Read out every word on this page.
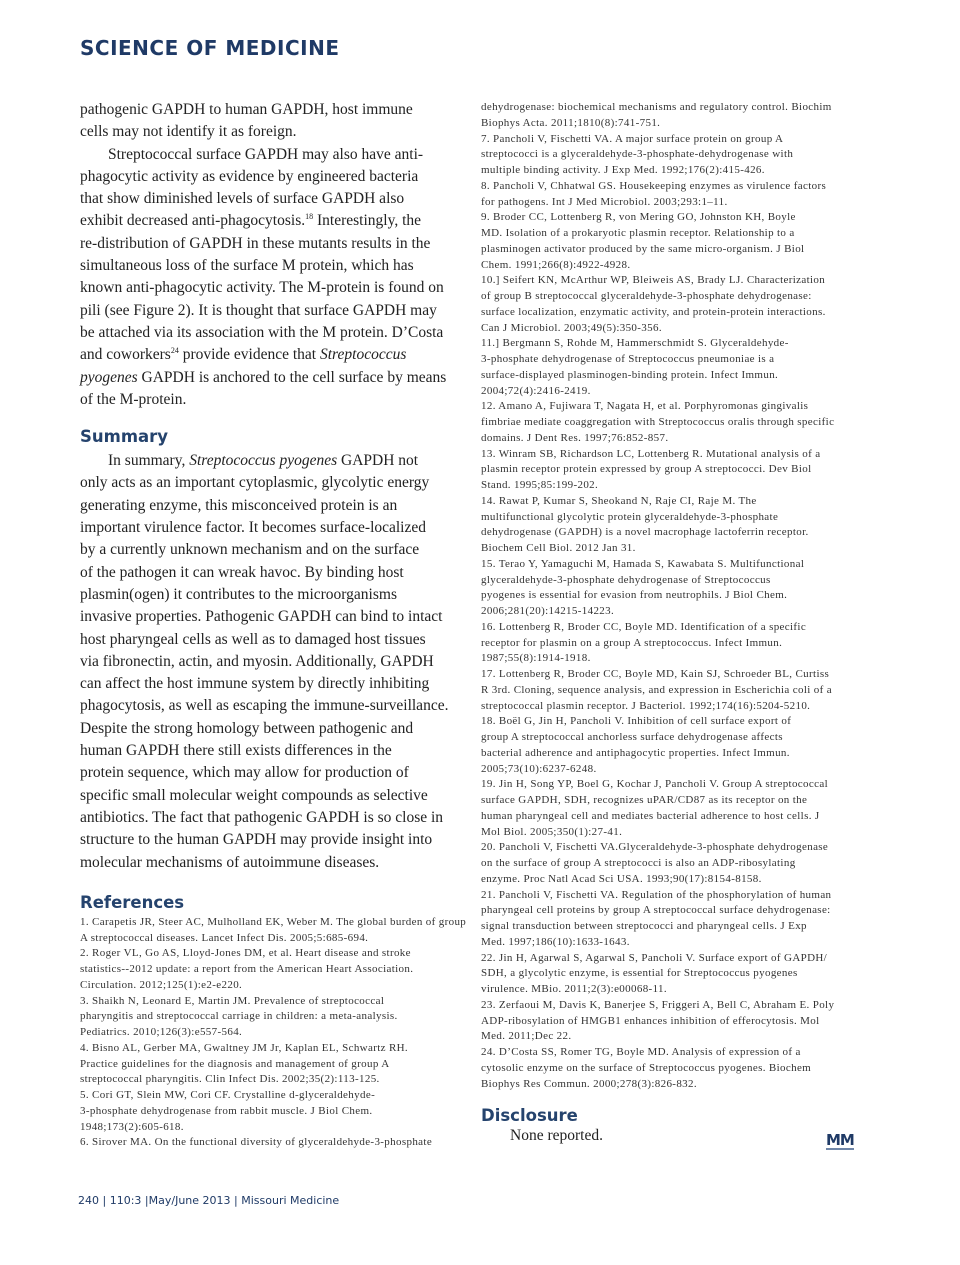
SCIENCE OF MEDICINE
pathogenic GAPDH to human GAPDH, host immune
cells may not identify it as foreign.
Streptococcal surface GAPDH may also have anti-
phagocytic activity as evidence by engineered bacteria
that show diminished levels of surface GAPDH also
exhibit decreased anti-phagocytosis.$^{18}$ Interestingly, the
re-distribution of GAPDH in these mutants results in the
simultaneous loss of the surface M protein, which has
known anti-phagocytic activity. The M-protein is found on
pili (see Figure 2). It is thought that surface GAPDH may
be attached via its association with the M protein. D’Costa
and coworkers$^{24}$ provide evidence that Streptococcus
pyogenes GAPDH is anchored to the cell surface by means
of the M-protein.
Summary
In summary, Streptococcus pyogenes GAPDH not
only acts as an important cytoplasmic, glycolytic energy
generating enzyme, this misconceived protein is an
important virulence factor. It becomes surface-localized
by a currently unknown mechanism and on the surface
of the pathogen it can wreak havoc. By binding host
plasmin(ogen) it contributes to the microorganisms
invasive properties. Pathogenic GAPDH can bind to intact
host pharyngeal cells as well as to damaged host tissues
via fibronectin, actin, and myosin. Additionally, GAPDH
can affect the host immune system by directly inhibiting
phagocytosis, as well as escaping the immune-surveillance.
Despite the strong homology between pathogenic and
human GAPDH there still exists differences in the
protein sequence, which may allow for production of
specific small molecular weight compounds as selective
antibiotics. The fact that pathogenic GAPDH is so close in
structure to the human GAPDH may provide insight into
molecular mechanisms of autoimmune diseases.
References
1. Carapetis JR, Steer AC, Mulholland EK, Weber M. The global burden of group
A streptococcal diseases. Lancet Infect Dis. 2005;5:685-694.
2. Roger VL, Go AS, Lloyd-Jones DM, et al. Heart disease and stroke
statistics--2012 update: a report from the American Heart Association.
Circulation. 2012;125(1):e2-e220.
3. Shaikh N, Leonard E, Martin JM. Prevalence of streptococcal
pharyngitis and streptococcal carriage in children: a meta-analysis.
Pediatrics. 2010;126(3):e557-564.
4. Bisno AL, Gerber MA, Gwaltney JM Jr, Kaplan EL, Schwartz RH.
Practice guidelines for the diagnosis and management of group A
streptococcal pharyngitis. Clin Infect Dis. 2002;35(2):113-125.
5. Cori GT, Slein MW, Cori CF. Crystalline d-glyceraldehyde-
3-phosphate dehydrogenase from rabbit muscle. J Biol Chem.
1948;173(2):605-618.
6. Sirover MA. On the functional diversity of glyceraldehyde-3-phosphate
dehydrogenase: biochemical mechanisms and regulatory control. Biochim
Biophys Acta. 2011;1810(8):741-751.
7. Pancholi V, Fischetti VA. A major surface protein on group A
streptococci is a glyceraldehyde-3-phosphate-dehydrogenase with
multiple binding activity. J Exp Med. 1992;176(2):415-426.
8. Pancholi V, Chhatwal GS. Housekeeping enzymes as virulence factors
for pathogens. Int J Med Microbiol. 2003;293:1–11.
9. Broder CC, Lottenberg R, von Mering GO, Johnston KH, Boyle
MD. Isolation of a prokaryotic plasmin receptor. Relationship to a
plasminogen activator produced by the same micro-organism. J Biol
Chem. 1991;266(8):4922-4928.
10.] Seifert KN, McArthur WP, Bleiweis AS, Brady LJ. Characterization
of group B streptococcal glyceraldehyde-3-phosphate dehydrogenase:
surface localization, enzymatic activity, and protein-protein interactions.
Can J Microbiol. 2003;49(5):350-356.
11.] Bergmann S, Rohde M, Hammerschmidt S. Glyceraldehyde-
3-phosphate dehydrogenase of Streptococcus pneumoniae is a
surface-displayed plasminogen-binding protein. Infect Immun.
2004;72(4):2416-2419.
12. Amano A, Fujiwara T, Nagata H, et al. Porphyromonas gingivalis
fimbriae mediate coaggregation with Streptococcus oralis through specific
domains. J Dent Res. 1997;76:852-857.
13. Winram SB, Richardson LC, Lottenberg R. Mutational analysis of a
plasmin receptor protein expressed by group A streptococci. Dev Biol
Stand. 1995;85:199-202.
14. Rawat P, Kumar S, Sheokand N, Raje CI, Raje M. The
multifunctional glycolytic protein glyceraldehyde-3-phosphate
dehydrogenase (GAPDH) is a novel macrophage lactoferrin receptor.
Biochem Cell Biol. 2012 Jan 31.
15. Terao Y, Yamaguchi M, Hamada S, Kawabata S. Multifunctional
glyceraldehyde-3-phosphate dehydrogenase of Streptococcus
pyogenes is essential for evasion from neutrophils. J Biol Chem.
2006;281(20):14215-14223.
16. Lottenberg R, Broder CC, Boyle MD. Identification of a specific
receptor for plasmin on a group A streptococcus. Infect Immun.
1987;55(8):1914-1918.
17. Lottenberg R, Broder CC, Boyle MD, Kain SJ, Schroeder BL, Curtiss
R 3rd. Cloning, sequence analysis, and expression in Escherichia coli of a
streptococcal plasmin receptor. J Bacteriol. 1992;174(16):5204-5210.
18. Boël G, Jin H, Pancholi V. Inhibition of cell surface export of
group A streptococcal anchorless surface dehydrogenase affects
bacterial adherence and antiphagocytic properties. Infect Immun.
2005;73(10):6237-6248.
19. Jin H, Song YP, Boel G, Kochar J, Pancholi V. Group A streptococcal
surface GAPDH, SDH, recognizes uPAR/CD87 as its receptor on the
human pharyngeal cell and mediates bacterial adherence to host cells. J
Mol Biol. 2005;350(1):27-41.
20. Pancholi V, Fischetti VA.Glyceraldehyde-3-phosphate dehydrogenase
on the surface of group A streptococci is also an ADP-ribosylating
enzyme. Proc Natl Acad Sci USA. 1993;90(17):8154-8158.
21. Pancholi V, Fischetti VA. Regulation of the phosphorylation of human
pharyngeal cell proteins by group A streptococcal surface dehydrogenase:
signal transduction between streptococci and pharyngeal cells. J Exp
Med. 1997;186(10):1633-1643.
22. Jin H, Agarwal S, Agarwal S, Pancholi V. Surface export of GAPDH/
SDH, a glycolytic enzyme, is essential for Streptococcus pyogenes
virulence. MBio. 2011;2(3):e00068-11.
23. Zerfaoui M, Davis K, Banerjee S, Friggeri A, Bell C, Abraham E. Poly
ADP-ribosylation of HMGB1 enhances inhibition of efferocytosis. Mol
Med. 2011;Dec 22.
24. D’Costa SS, Romer TG, Boyle MD. Analysis of expression of a
cytosolic enzyme on the surface of Streptococcus pyogenes. Biochem
Biophys Res Commun. 2000;278(3):826-832.
Disclosure
None reported.	MM
240 | 110:3 |May/June 2013 | Missouri Medicine
